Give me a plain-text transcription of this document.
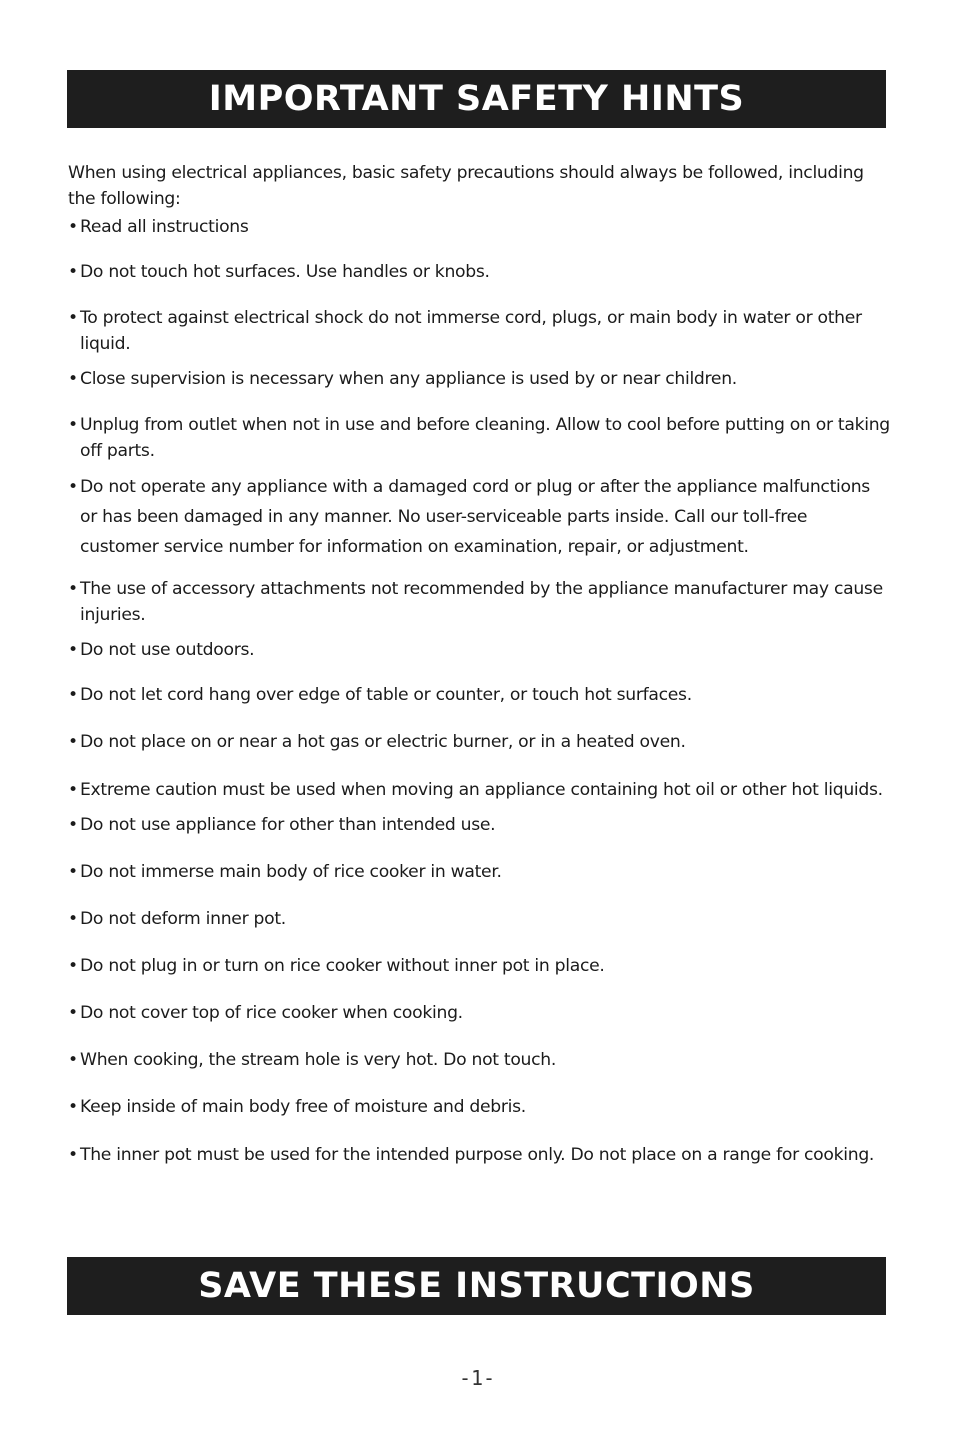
IMPORTANT SAFETY HINTS

When using electrical appliances, basic safety precautions should always be followed, including the following:

• Read all instructions
• Do not touch hot surfaces. Use handles or knobs.
• To protect against electrical shock do not immerse cord, plugs, or main body in water or other liquid.
• Close supervision is necessary when any appliance is used by or near children.
• Unplug from outlet when not in use and before cleaning. Allow to cool before putting on or taking off parts.
• Do not operate any appliance with a damaged cord or plug or after the appliance malfunctions or has been damaged in any manner. No user-serviceable parts inside. Call our toll-free customer service number for information on examination, repair, or adjustment.
• The use of accessory attachments not recommended by the appliance manufacturer may cause injuries.
• Do not use outdoors.
• Do not let cord hang over edge of table or counter, or touch hot surfaces.
• Do not place on or near a hot gas or electric burner, or in a heated oven.
• Extreme caution must be used when moving an appliance containing hot oil or other hot liquids.
• Do not use appliance for other than intended use.
• Do not immerse main body of rice cooker in water.
• Do not deform inner pot.
• Do not plug in or turn on rice cooker without inner pot in place.
• Do not cover top of rice cooker when cooking.
• When cooking, the stream hole is very hot. Do not touch.
• Keep inside of main body free of moisture and debris.
• The inner pot must be used for the intended purpose only. Do not place on a range for cooking.
SAVE THESE INSTRUCTIONS
-1-
